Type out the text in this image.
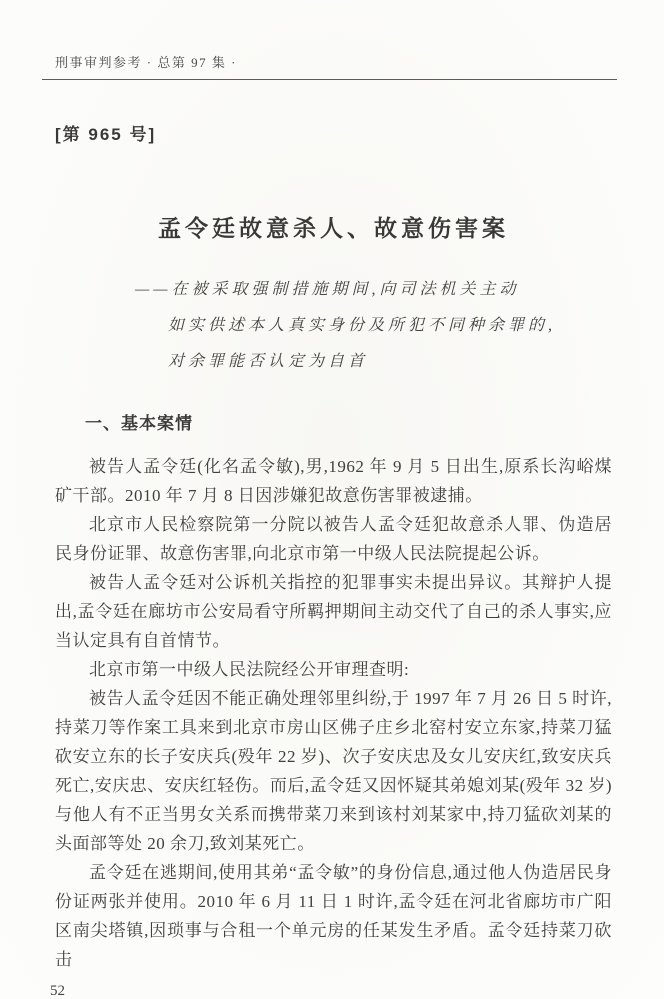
刑事审判参考 · 总第 97 集 ·
[第 965 号]
孟令廷故意杀人、故意伤害案
——在被采取强制措施期间,向司法机关主动
如实供述本人真实身份及所犯不同种余罪的,
对余罪能否认定为自首
一、基本案情

被告人孟令廷(化名孟令敏),男,1962 年 9 月 5 日出生,原系长沟峪煤矿干部。2010 年 7 月 8 日因涉嫌犯故意伤害罪被逮捕。

北京市人民检察院第一分院以被告人孟令廷犯故意杀人罪、伪造居民身份证罪、故意伤害罪,向北京市第一中级人民法院提起公诉。

被告人孟令廷对公诉机关指控的犯罪事实未提出异议。其辩护人提出,孟令廷在廊坊市公安局看守所羁押期间主动交代了自己的杀人事实,应当认定具有自首情节。

北京市第一中级人民法院经公开审理查明:

被告人孟令廷因不能正确处理邻里纠纷,于 1997 年 7 月 26 日 5 时许,持菜刀等作案工具来到北京市房山区佛子庄乡北窑村安立东家,持菜刀猛砍安立东的长子安庆兵(殁年 22 岁)、次子安庆忠及女儿安庆红,致安庆兵死亡,安庆忠、安庆红轻伤。而后,孟令廷又因怀疑其弟媳刘某(殁年 32 岁)与他人有不正当男女关系而携带菜刀来到该村刘某家中,持刀猛砍刘某的头面部等处 20 余刀,致刘某死亡。

孟令廷在逃期间,使用其弟“孟令敏”的身份信息,通过他人伪造居民身份证两张并使用。2010 年 6 月 11 日 1 时许,孟令廷在河北省廊坊市广阳区南尖塔镇,因琐事与合租一个单元房的任某发生矛盾。孟令廷持菜刀砍击

52
